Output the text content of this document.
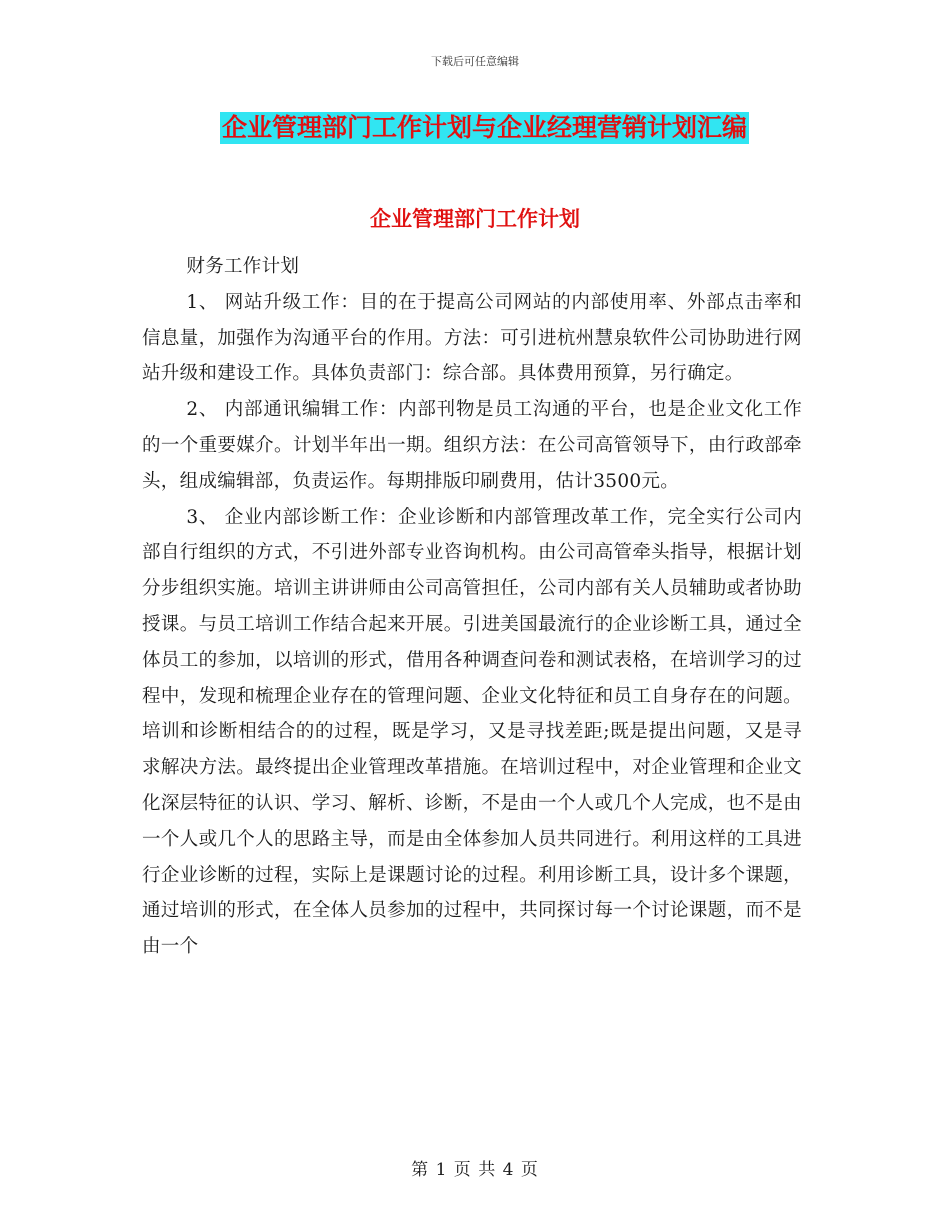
下载后可任意编辑
企业管理部门工作计划与企业经理营销计划汇编
企业管理部门工作计划

财务工作计划

1、 网站升级工作：目的在于提高公司网站的内部使用率、外部点击率和信息量，加强作为沟通平台的作用。方法：可引进杭州慧泉软件公司协助进行网站升级和建设工作。具体负责部门：综合部。具体费用预算，另行确定。

2、 内部通讯编辑工作：内部刊物是员工沟通的平台，也是企业文化工作的一个重要媒介。计划半年出一期。组织方法：在公司高管领导下，由行政部牵头，组成编辑部，负责运作。每期排版印刷费用，估计3500元。

3、 企业内部诊断工作：企业诊断和内部管理改革工作，完全实行公司内部自行组织的方式，不引进外部专业咨询机构。由公司高管牵头指导，根据计划分步组织实施。培训主讲讲师由公司高管担任，公司内部有关人员辅助或者协助授课。与员工培训工作结合起来开展。引进美国最流行的企业诊断工具，通过全体员工的参加，以培训的形式，借用各种调查问卷和测试表格，在培训学习的过程中，发现和梳理企业存在的管理问题、企业文化特征和员工自身存在的问题。培训和诊断相结合的的过程，既是学习，又是寻找差距;既是提出问题，又是寻求解决方法。最终提出企业管理改革措施。在培训过程中，对企业管理和企业文化深层特征的认识、学习、解析、诊断，不是由一个人或几个人完成，也不是由一个人或几个人的思路主导，而是由全体参加人员共同进行。利用这样的工具进行企业诊断的过程，实际上是课题讨论的过程。利用诊断工具，设计多个课题，通过培训的形式，在全体人员参加的过程中，共同探讨每一个讨论课题，而不是由一个

第 1 页 共 4 页
